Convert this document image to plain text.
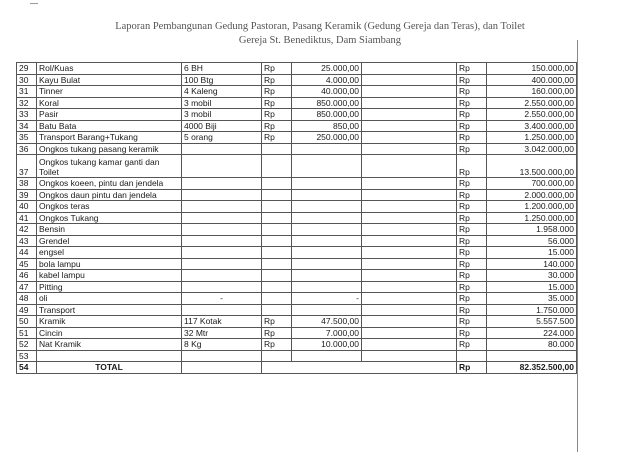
Laporan Pembangunan Gedung Pastoran, Pasang Keramik (Gedung Gereja dan Teras), dan Toilet
Gereja St. Benediktus, Dam Siambang
29	Rol/Kuas	6 BH	Rp	25.000,00		Rp	150.000,00
30	Kayu Bulat	100 Btg	Rp	4.000,00		Rp	400.000,00
31	Tinner	4 Kaleng	Rp	40.000,00		Rp	160.000,00
32	Koral	3 mobil	Rp	850.000,00		Rp	2.550.000,00
33	Pasir	3 mobil	Rp	850.000,00		Rp	2.550.000,00
34	Batu Bata	4000 Biji	Rp	850,00		Rp	3.400.000,00
35	Transport Barang+Tukang	5 orang	Rp	250.000,00		Rp	1.250.000,00
36	Ongkos tukang pasang keramik					Rp	3.042.000,00
37	Ongkos tukang kamar ganti dan Toilet					Rp	13.500.000,00
38	Ongkos koeen, pintu dan jendela					Rp	700.000,00
39	Ongkos daun pintu dan jendela					Rp	2.000.000,00
40	Ongkos teras					Rp	1.200.000,00
41	Ongkos Tukang					Rp	1.250.000,00
42	Bensin					Rp	1.958.000
43	Grendel					Rp	56.000
44	engsel					Rp	15.000
45	bola lampu					Rp	140.000
46	kabel lampu					Rp	30.000
47	Pitting					Rp	15.000
48	oli	-		-		Rp	35.000
49	Transport					Rp	1.750.000
50	Kramik	117 Kotak	Rp	47.500,00		Rp	5.557.500
51	Cincin	32 Mtr	Rp	7.000,00		Rp	224.000
52	Nat Kramik	8 Kg	Rp	10.000,00		Rp	80.000
53							
54	TOTAL					Rp	82.352.500,00
